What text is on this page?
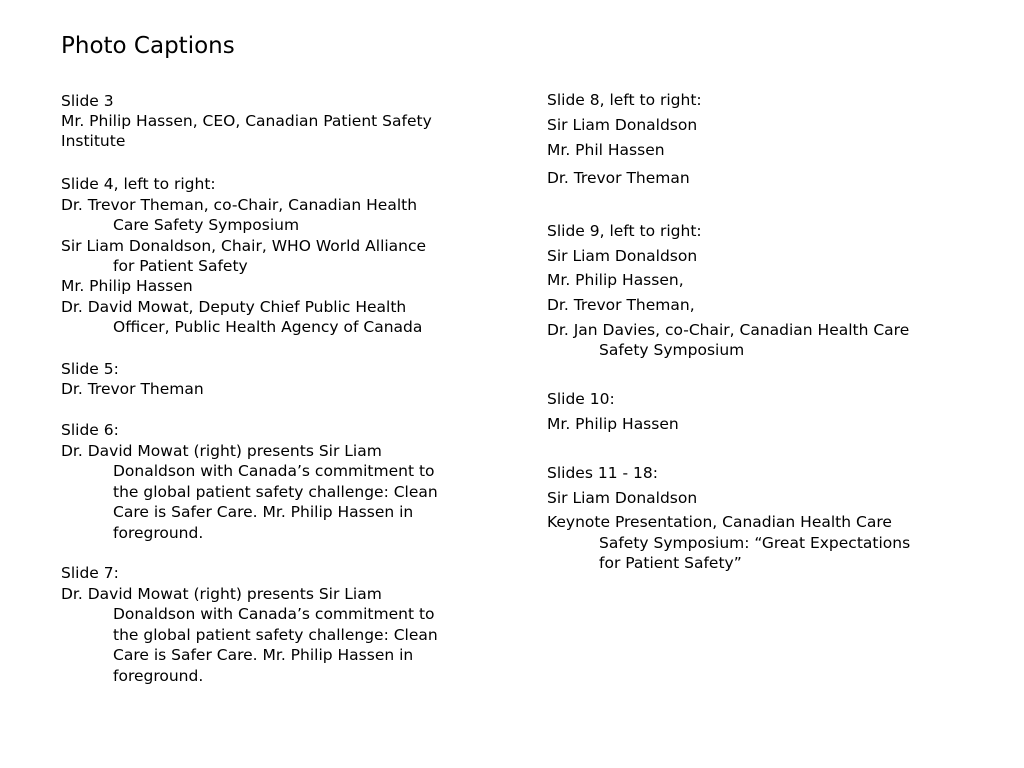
Photo Captions
Slide 3
Mr. Philip Hassen, CEO, Canadian Patient Safety
Institute
Slide 4, left to right:
Dr. Trevor Theman, co-Chair, Canadian Health
Care Safety Symposium
Sir Liam Donaldson, Chair, WHO World Alliance
for Patient Safety
Mr. Philip Hassen
Dr. David Mowat, Deputy Chief Public Health
Officer, Public Health Agency of Canada
Slide 5:
Dr. Trevor Theman
Slide 6:
Dr. David Mowat (right) presents Sir Liam
Donaldson with Canada’s commitment to
the global patient safety challenge: Clean
Care is Safer Care. Mr. Philip Hassen in
foreground.
Slide 7:
Dr. David Mowat (right) presents Sir Liam
Donaldson with Canada’s commitment to
the global patient safety challenge: Clean
Care is Safer Care. Mr. Philip Hassen in
foreground.
Slide 8, left to right:
Sir Liam Donaldson
Mr. Phil Hassen
Dr. Trevor Theman
Slide 9, left to right:
Sir Liam Donaldson
Mr. Philip Hassen,
Dr. Trevor Theman,
Dr. Jan Davies, co-Chair, Canadian Health Care
Safety Symposium
Slide 10:
Mr. Philip Hassen
Slides 11 - 18:
Sir Liam Donaldson
Keynote Presentation, Canadian Health Care
Safety Symposium: “Great Expectations
for Patient Safety”
